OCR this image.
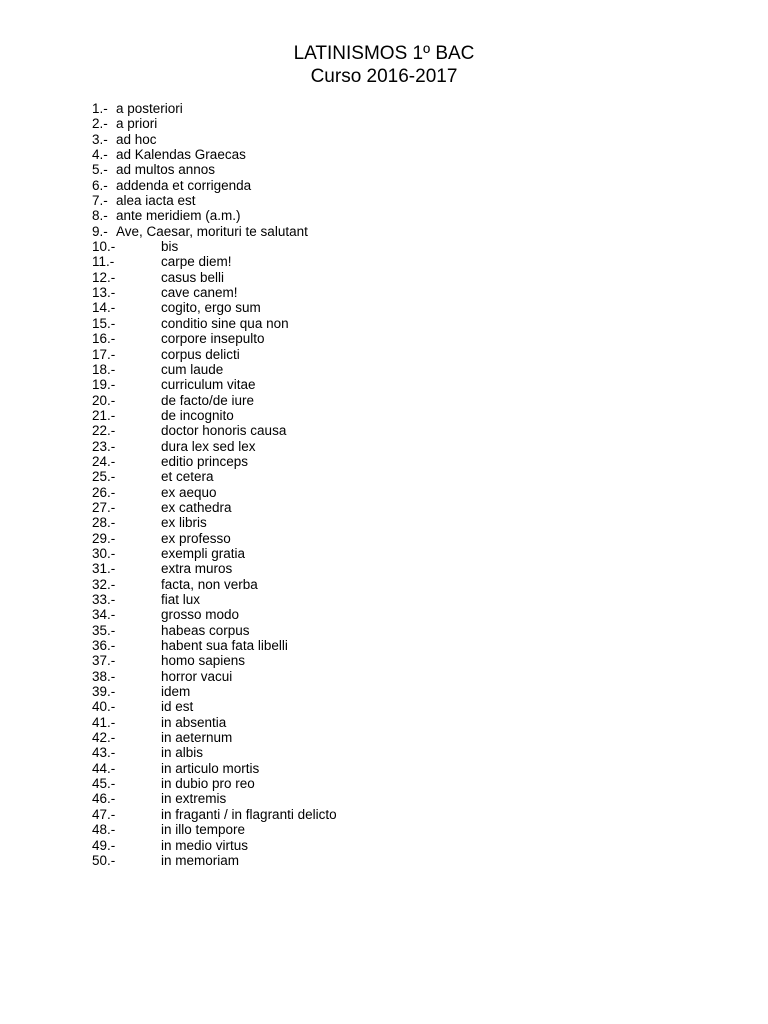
LATINISMOS 1º BAC
Curso 2016-2017
1.- a posteriori
2.- a priori
3.- ad hoc
4.- ad Kalendas Graecas
5.- ad multos annos
6.- addenda et corrigenda
7.- alea iacta est
8.- ante meridiem (a.m.)
9.- Ave, Caesar, morituri te salutant
10.-	bis
11.-	carpe diem!
12.-	casus belli
13.-	cave canem!
14.-	cogito, ergo sum
15.-	conditio sine qua non
16.-	corpore insepulto
17.-	corpus delicti
18.-	cum laude
19.-	curriculum vitae
20.-	de facto/de iure
21.-	de incognito
22.-	doctor honoris causa
23.-	dura lex sed lex
24.-	editio princeps
25.-	et cetera
26.-	ex aequo
27.-	ex cathedra
28.-	ex libris
29.-	ex professo
30.-	exempli gratia
31.-	extra muros
32.-	facta, non verba
33.-	fiat lux
34.-	grosso modo
35.-	habeas corpus
36.-	habent sua fata libelli
37.-	homo sapiens
38.-	horror vacui
39.-	idem
40.-	id est
41.-	in absentia
42.-	in aeternum
43.-	in albis
44.-	in articulo mortis
45.-	in dubio pro reo
46.-	in extremis
47.-	in fraganti / in flagranti delicto
48.-	in illo tempore
49.-	in medio virtus
50.-	in memoriam
